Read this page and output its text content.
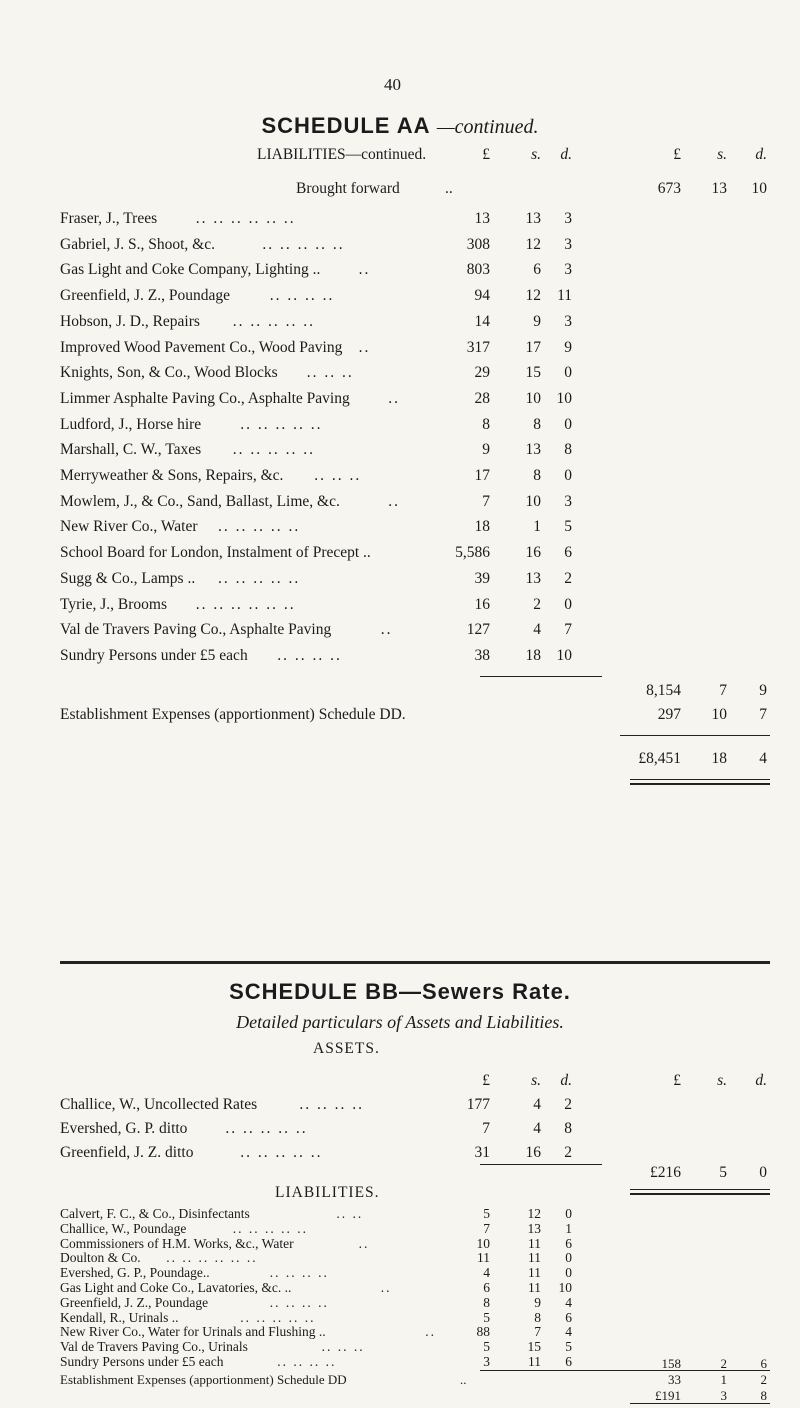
40
SCHEDULE AA —continued.
LIABILITIES—continued.	£	s.	d.	£	s.	d.
Brought forward	..	673	13	10
Fraser, J., Trees .. .. .. .. .. ..	13	13	3
Gabriel, J. S., Shoot, &c.	.. .. .. .. ..	308	12	3
Gas Light and Coke Company, Lighting .. ..	803	6	3
Greenfield, J. Z., Poundage	.. .. .. ..	94	12	11
Hobson, J. D., Repairs .. .. .. .. ..	14	9	3
Improved Wood Pavement Co., Wood Paving ..	317	17	9
Knights, Son, & Co., Wood Blocks .. .. ..	29	15	0
Limmer Asphalte Paving Co., Asphalte Paving ..	28	10	10
Ludford, J., Horse hire	.. .. .. .. ..	8	8	0
Marshall, C. W., Taxes .. .. .. .. ..	9	13	8
Merryweather & Sons, Repairs, &c. .. .. ..	17	8	0
Mowlem, J., & Co., Sand, Ballast, Lime, &c.	..	7	10	3
New River Co., Water .. .. .. .. ..	18	1	5
School Board for London, Instalment of Precept ..	5,586	16	6
Sugg & Co., Lamps .. .. .. .. .. ..	39	13	2
Tyrie, J., Brooms .. .. .. .. .. ..	16	2	0
Val de Travers Paving Co., Asphalte Paving	..	127	4	7
Sundry Persons under £5 each .. .. .. ..	38	18	10
8,154	7	9
Establishment Expenses (apportionment) Schedule DD.	297	10	7
£8,451	18	4
SCHEDULE BB—Sewers Rate.
Detailed particulars of Assets and Liabilities.
ASSETS.
£	s.	d.	£	s.	d.
Challice, W., Uncollected Rates	.. .. .. ..	177	4	2
Evershed, G. P. ditto .. .. .. .. ..	7	4	8
Greenfield, J. Z. ditto	.. .. .. .. ..	31	16	2
£216	5	0
LIABILITIES.
Calvert, F. C., & Co., Disinfectants	.. ..	5	12	0
Challice, W., Poundage	.. .. .. .. ..	7	13	1
Commissioners of H.M. Works, &c., Water	..	10	11	6
Doulton & Co. .. .. .. .. .. ..	11	11	0
Evershed, G. P., Poundage..	.. .. .. ..	4	11	0
Gas Light and Coke Co., Lavatories, &c. ..	..	6	11	10
Greenfield, J. Z., Poundage	.. .. .. ..	8	9	4
Kendall, R., Urinals ..	.. .. .. .. ..	5	8	6
New River Co., Water for Urinals and Flushing ..	..	88	7	4
Val de Travers Paving Co., Urinals	.. .. ..	5	15	5
Sundry Persons under £5 each	.. .. .. ..	3	11	6	158	2	6
Establishment Expenses (apportionment) Schedule DD	..	33	1	2
£191	3	8
